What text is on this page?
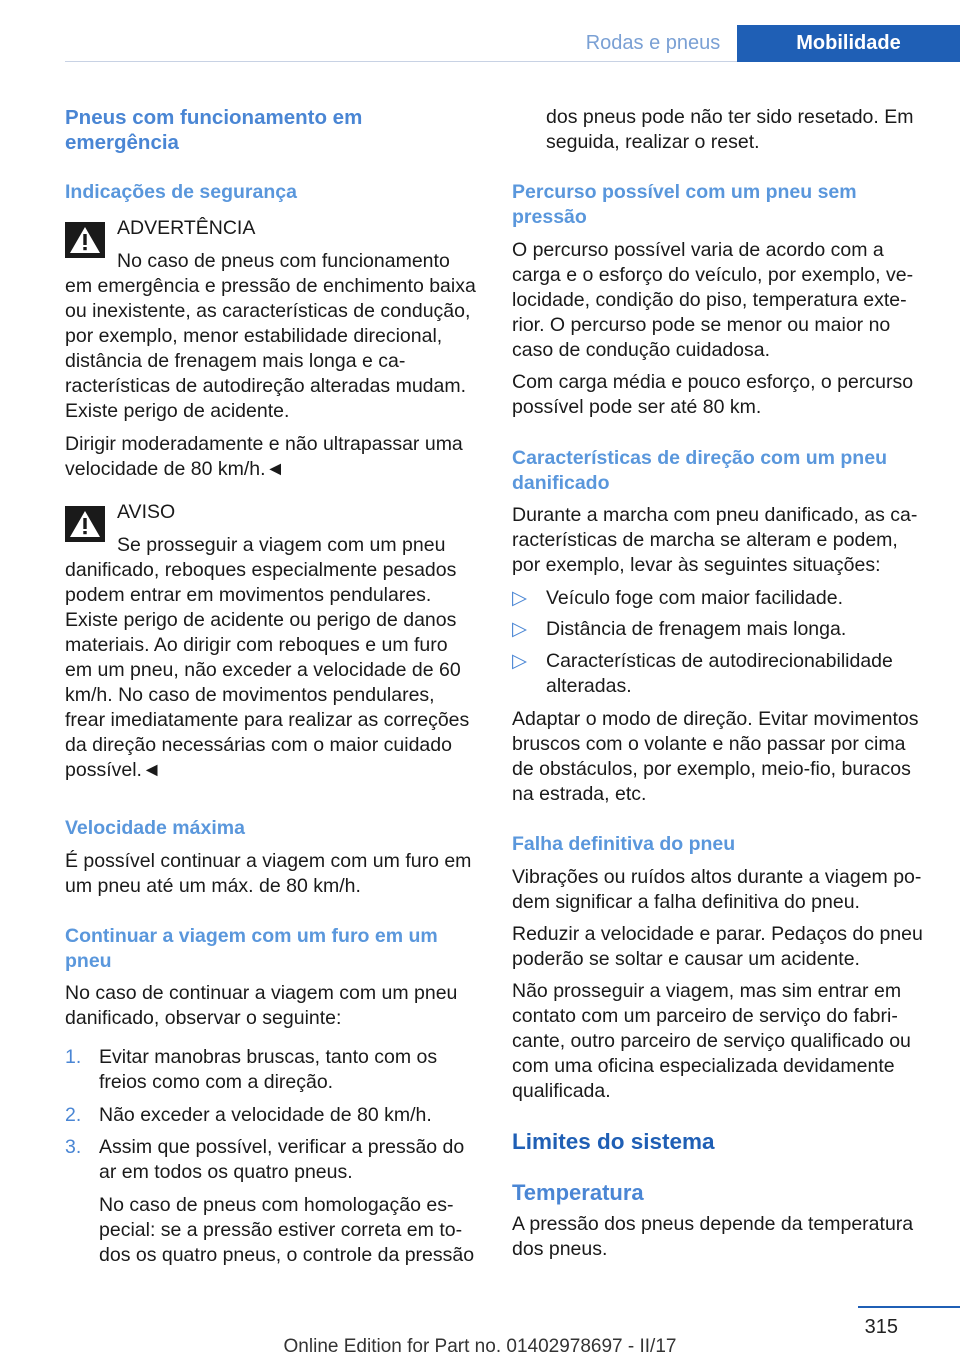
Rodas e pneus	Mobilidade

Pneus com funcionamento em emergência

Indicações de segurança

ADVERTÊNCIA

No caso de pneus com funcionamento

em emergência e pressão de enchimento baixa ou inexistente, as características de condução, por exemplo, menor estabilidade direcional, distância de frenagem mais longa e características de autodireção alteradas mudam. Existe perigo de acidente.

Dirigir moderadamente e não ultrapassar uma velocidade de 80 km/h.◄

AVISO

Se prosseguir a viagem com um pneu

danificado, reboques especialmente pesados podem entrar em movimentos pendulares. Existe perigo de acidente ou perigo de danos materiais. Ao dirigir com reboques e um furo em um pneu, não exceder a velocidade de 60 km/h. No caso de movimentos pendulares, frear imediatamente para realizar as correções da direção necessárias com o maior cuidado possível.◄

Velocidade máxima

É possível continuar a viagem com um furo em um pneu até um máx. de 80 km/h.

Continuar a viagem com um furo em um pneu

No caso de continuar a viagem com um pneu danificado, observar o seguinte:

1. Evitar manobras bruscas, tanto com os freios como com a direção.

2. Não exceder a velocidade de 80 km/h.

3. Assim que possível, verificar a pressão do ar em todos os quatro pneus.

No caso de pneus com homologação especial: se a pressão estiver correta em todos os quatro pneus, o controle da pressão

dos pneus pode não ter sido resetado. Em seguida, realizar o reset.

Percurso possível com um pneu sem pressão

O percurso possível varia de acordo com a carga e o esforço do veículo, por exemplo, velocidade, condição do piso, temperatura exterior. O percurso pode se menor ou maior no caso de condução cuidadosa.

Com carga média e pouco esforço, o percurso possível pode ser até 80 km.

Características de direção com um pneu danificado

Durante a marcha com pneu danificado, as características de marcha se alteram e podem, por exemplo, levar às seguintes situações:

▷ Veículo foge com maior facilidade.

▷ Distância de frenagem mais longa.

▷ Características de autodirecionabilidade alteradas.

Adaptar o modo de direção. Evitar movimentos bruscos com o volante e não passar por cima de obstáculos, por exemplo, meio-fio, buracos na estrada, etc.

Falha definitiva do pneu

Vibrações ou ruídos altos durante a viagem podem significar a falha definitiva do pneu.

Reduzir a velocidade e parar. Pedaços do pneu poderão se soltar e causar um acidente.

Não prosseguir a viagem, mas sim entrar em contato com um parceiro de serviço do fabricante, outro parceiro de serviço qualificado ou com uma oficina especializada devidamente qualificada.

Limites do sistema

Temperatura

A pressão dos pneus depende da temperatura dos pneus.

315
Online Edition for Part no. 01402978697 - II/17
